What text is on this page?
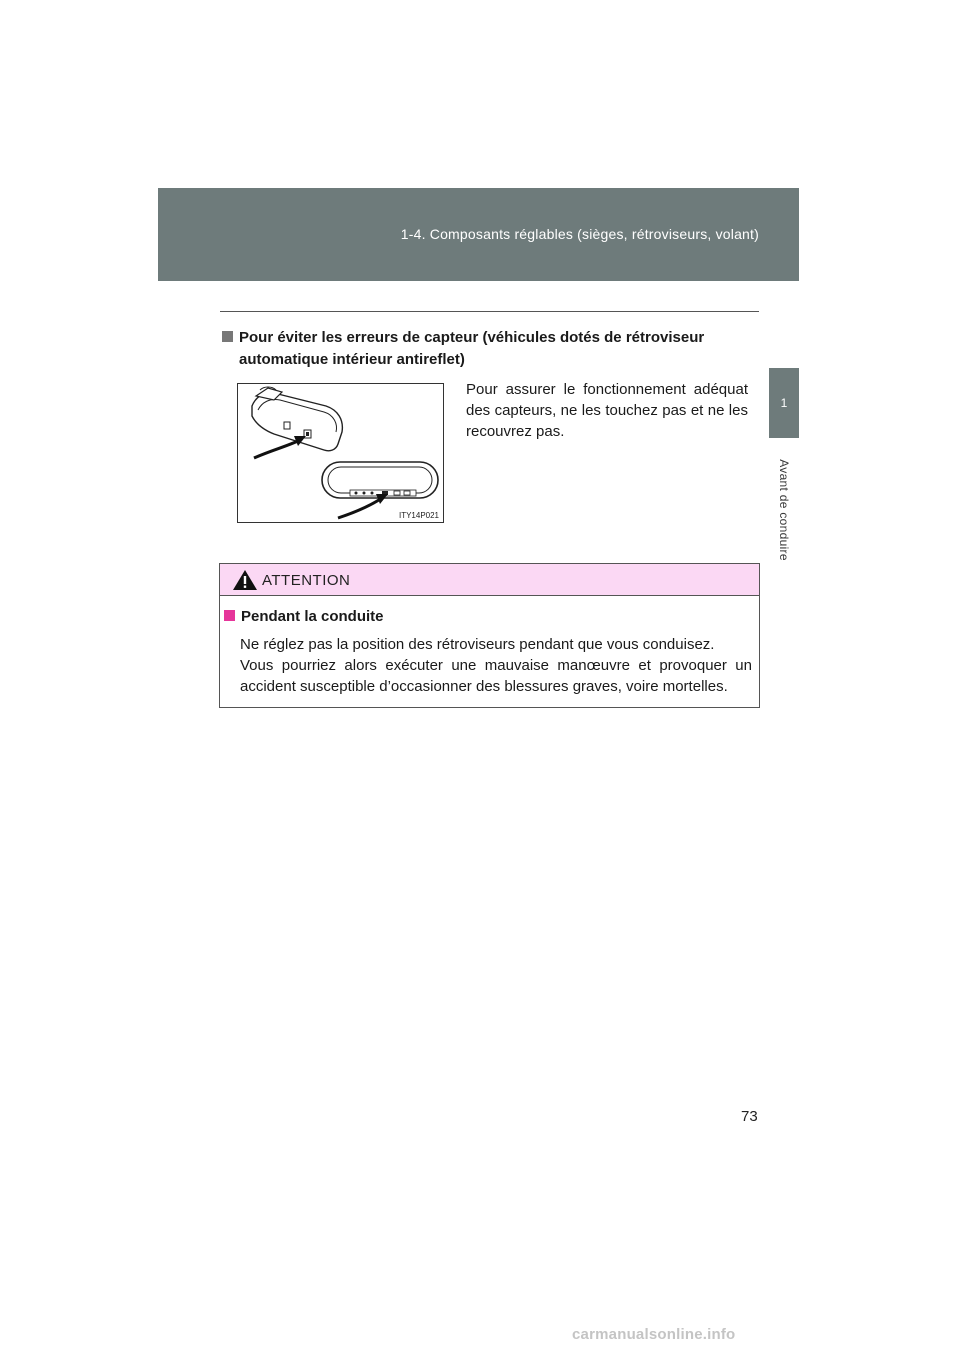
1-4. Composants réglables (sièges, rétroviseurs, volant)
1
Avant de conduire
Pour éviter les erreurs de capteur (véhicules dotés de rétroviseur
automatique intérieur antireflet)
ITY14P021
Pour assurer le fonctionnement adéquat des capteurs, ne les touchez pas et ne les recouvrez pas.
ATTENTION
Pendant la conduite
Ne réglez pas la position des rétroviseurs pendant que vous conduisez.
Vous pourriez alors exécuter une mauvaise manœuvre et provoquer un accident susceptible d’occasionner des blessures graves, voire mortelles.
73
carmanualsonline.info
